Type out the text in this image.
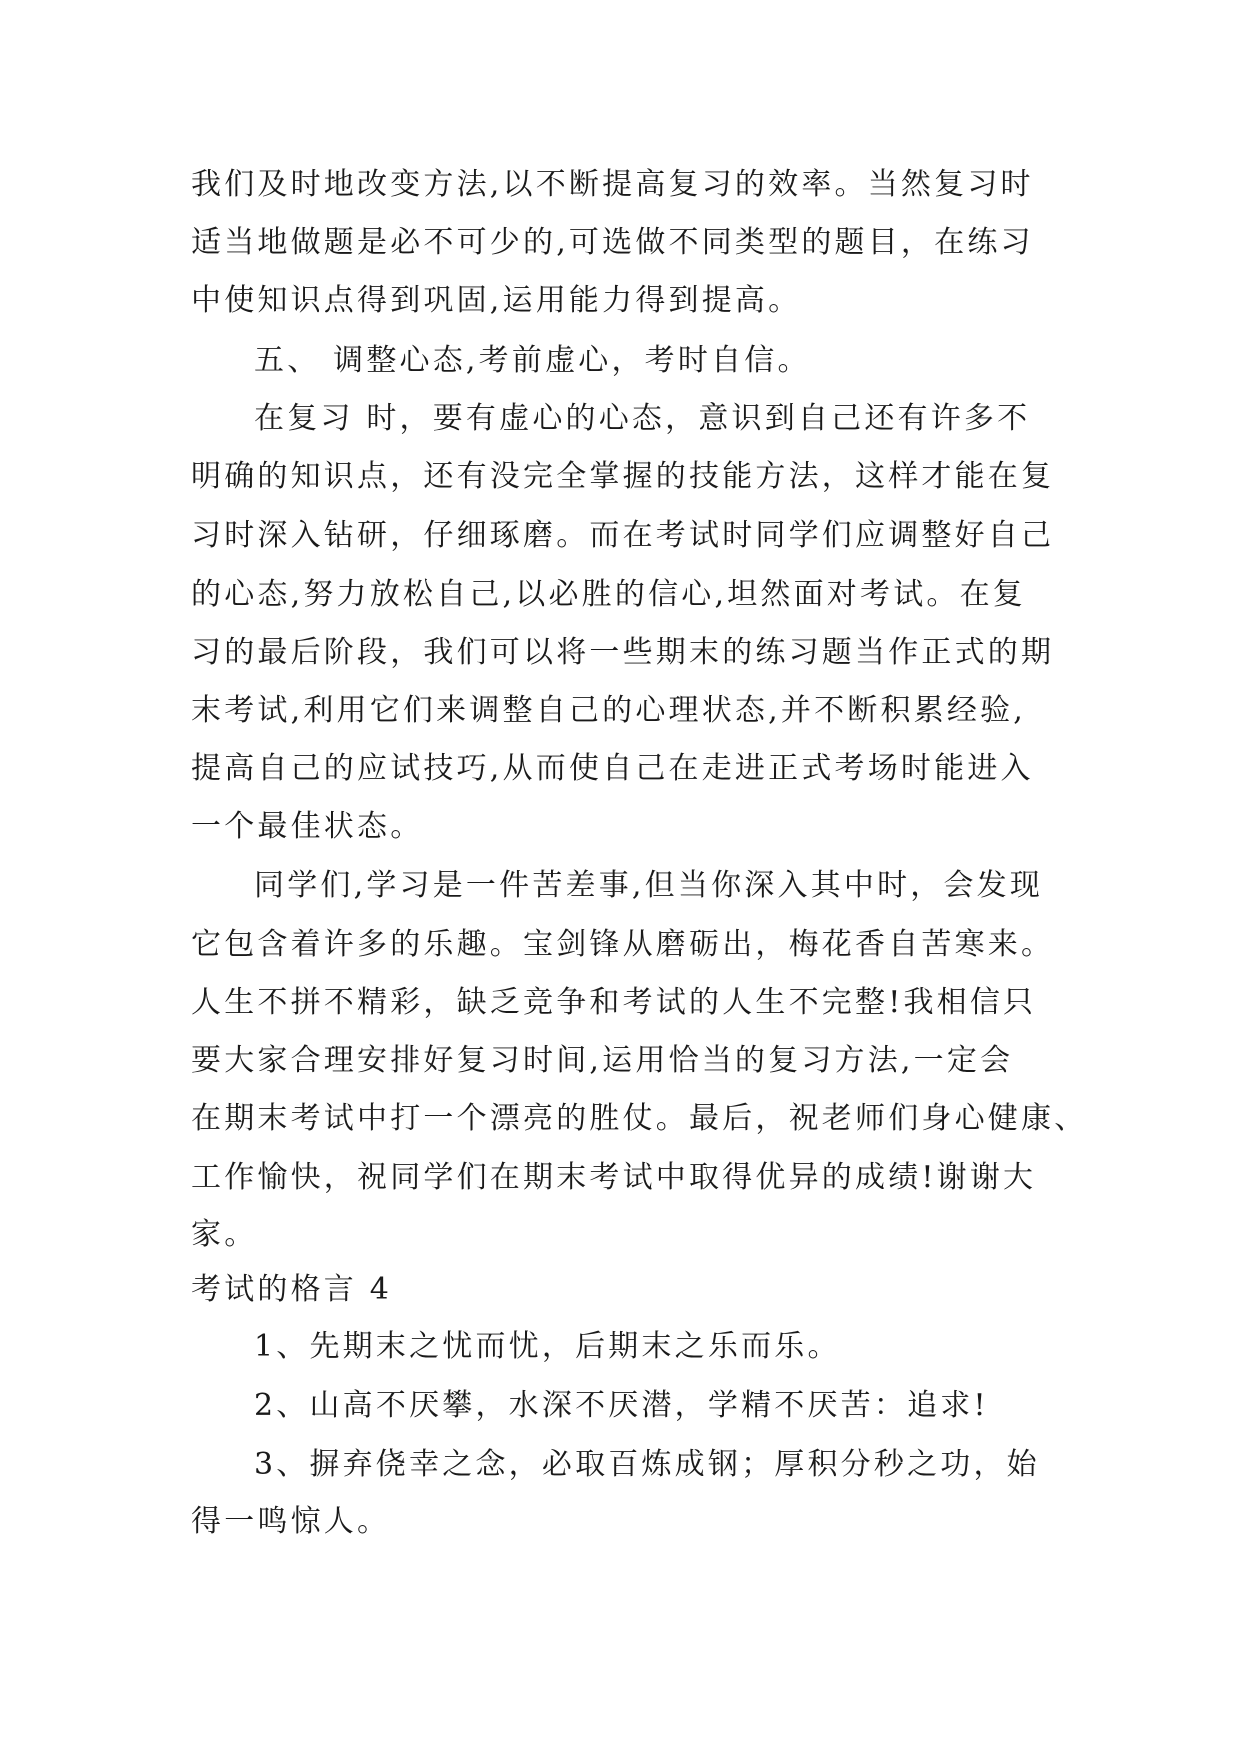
我们及时地改变方法,以不断提高复习的效率。当然复习时
适当地做题是必不可少的,可选做不同类型的题目，在练习
中使知识点得到巩固,运用能力得到提高。
五、 调整心态,考前虚心，考时自信。
在复习 时，要有虚心的心态，意识到自己还有许多不
明确的知识点，还有没完全掌握的技能方法，这样才能在复
习时深入钻研，仔细琢磨。而在考试时同学们应调整好自己
的心态,努力放松自己,以必胜的信心,坦然面对考试。在复
习的最后阶段，我们可以将一些期末的练习题当作正式的期
末考试,利用它们来调整自己的心理状态,并不断积累经验,
提高自己的应试技巧,从而使自己在走进正式考场时能进入
一个最佳状态。
同学们,学习是一件苦差事,但当你深入其中时，会发现
它包含着许多的乐趣。宝剑锋从磨砺出，梅花香自苦寒来。
人生不拼不精彩，缺乏竞争和考试的人生不完整!我相信只
要大家合理安排好复习时间,运用恰当的复习方法,一定会
在期末考试中打一个漂亮的胜仗。最后，祝老师们身心健康、
工作愉快，祝同学们在期末考试中取得优异的成绩!谢谢大
家。
考试的格言 4
1、先期末之忧而忧，后期末之乐而乐。
2、山高不厌攀，水深不厌潜，学精不厌苦：追求!
3、摒弃侥幸之念，必取百炼成钢；厚积分秒之功，始
得一鸣惊人。
